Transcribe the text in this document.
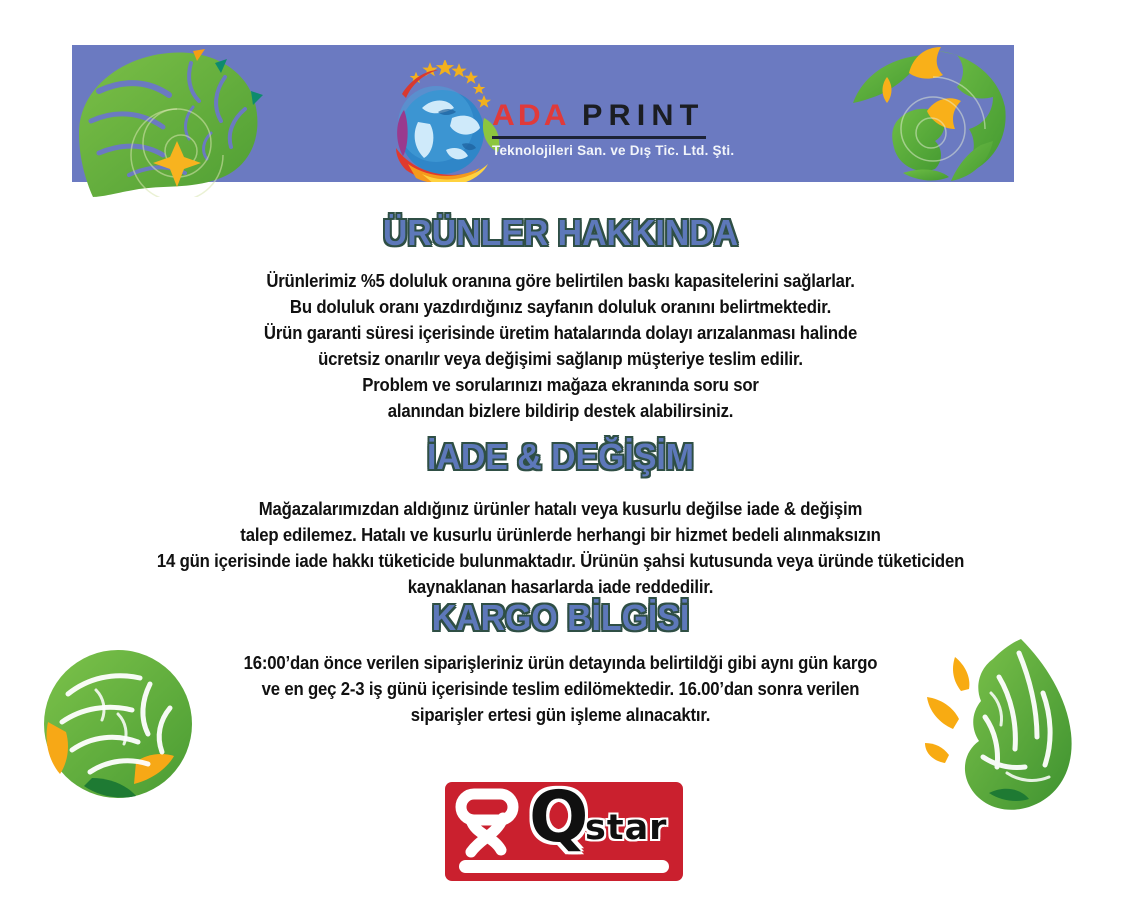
ADA PRINT
Teknolojileri San. ve Dış Tic. Ltd. Şti.
ÜRÜNLER HAKKINDA
Ürünlerimiz %5 doluluk oranına göre belirtilen baskı kapasitelerini sağlarlar.
Bu doluluk oranı yazdırdığınız sayfanın doluluk oranını belirtmektedir.
Ürün garanti süresi içerisinde üretim hatalarında dolayı arızalanması halinde
ücretsiz onarılır veya değişimi sağlanıp müşteriye teslim edilir.
Problem ve sorularınızı mağaza ekranında soru sor
alanından bizlere bildirip destek alabilirsiniz.
İADE & DEĞİŞİM
Mağazalarımızdan aldığınız ürünler hatalı veya kusurlu değilse iade & değişim
talep edilemez. Hatalı ve kusurlu ürünlerde herhangi bir hizmet bedeli alınmaksızın
14 gün içerisinde iade hakkı tüketicide bulunmaktadır. Ürünün şahsi kutusunda veya üründe tüketiciden
kaynaklanan hasarlarda iade reddedilir.
KARGO BİLGİSİ
16:00’dan önce verilen siparişleriniz ürün detayında belirtildği gibi aynı gün kargo
ve en geç 2-3 iş günü içerisinde teslim edilömektedir. 16.00’dan sonra verilen
siparişler ertesi gün işleme alınacaktır.
Q
star
